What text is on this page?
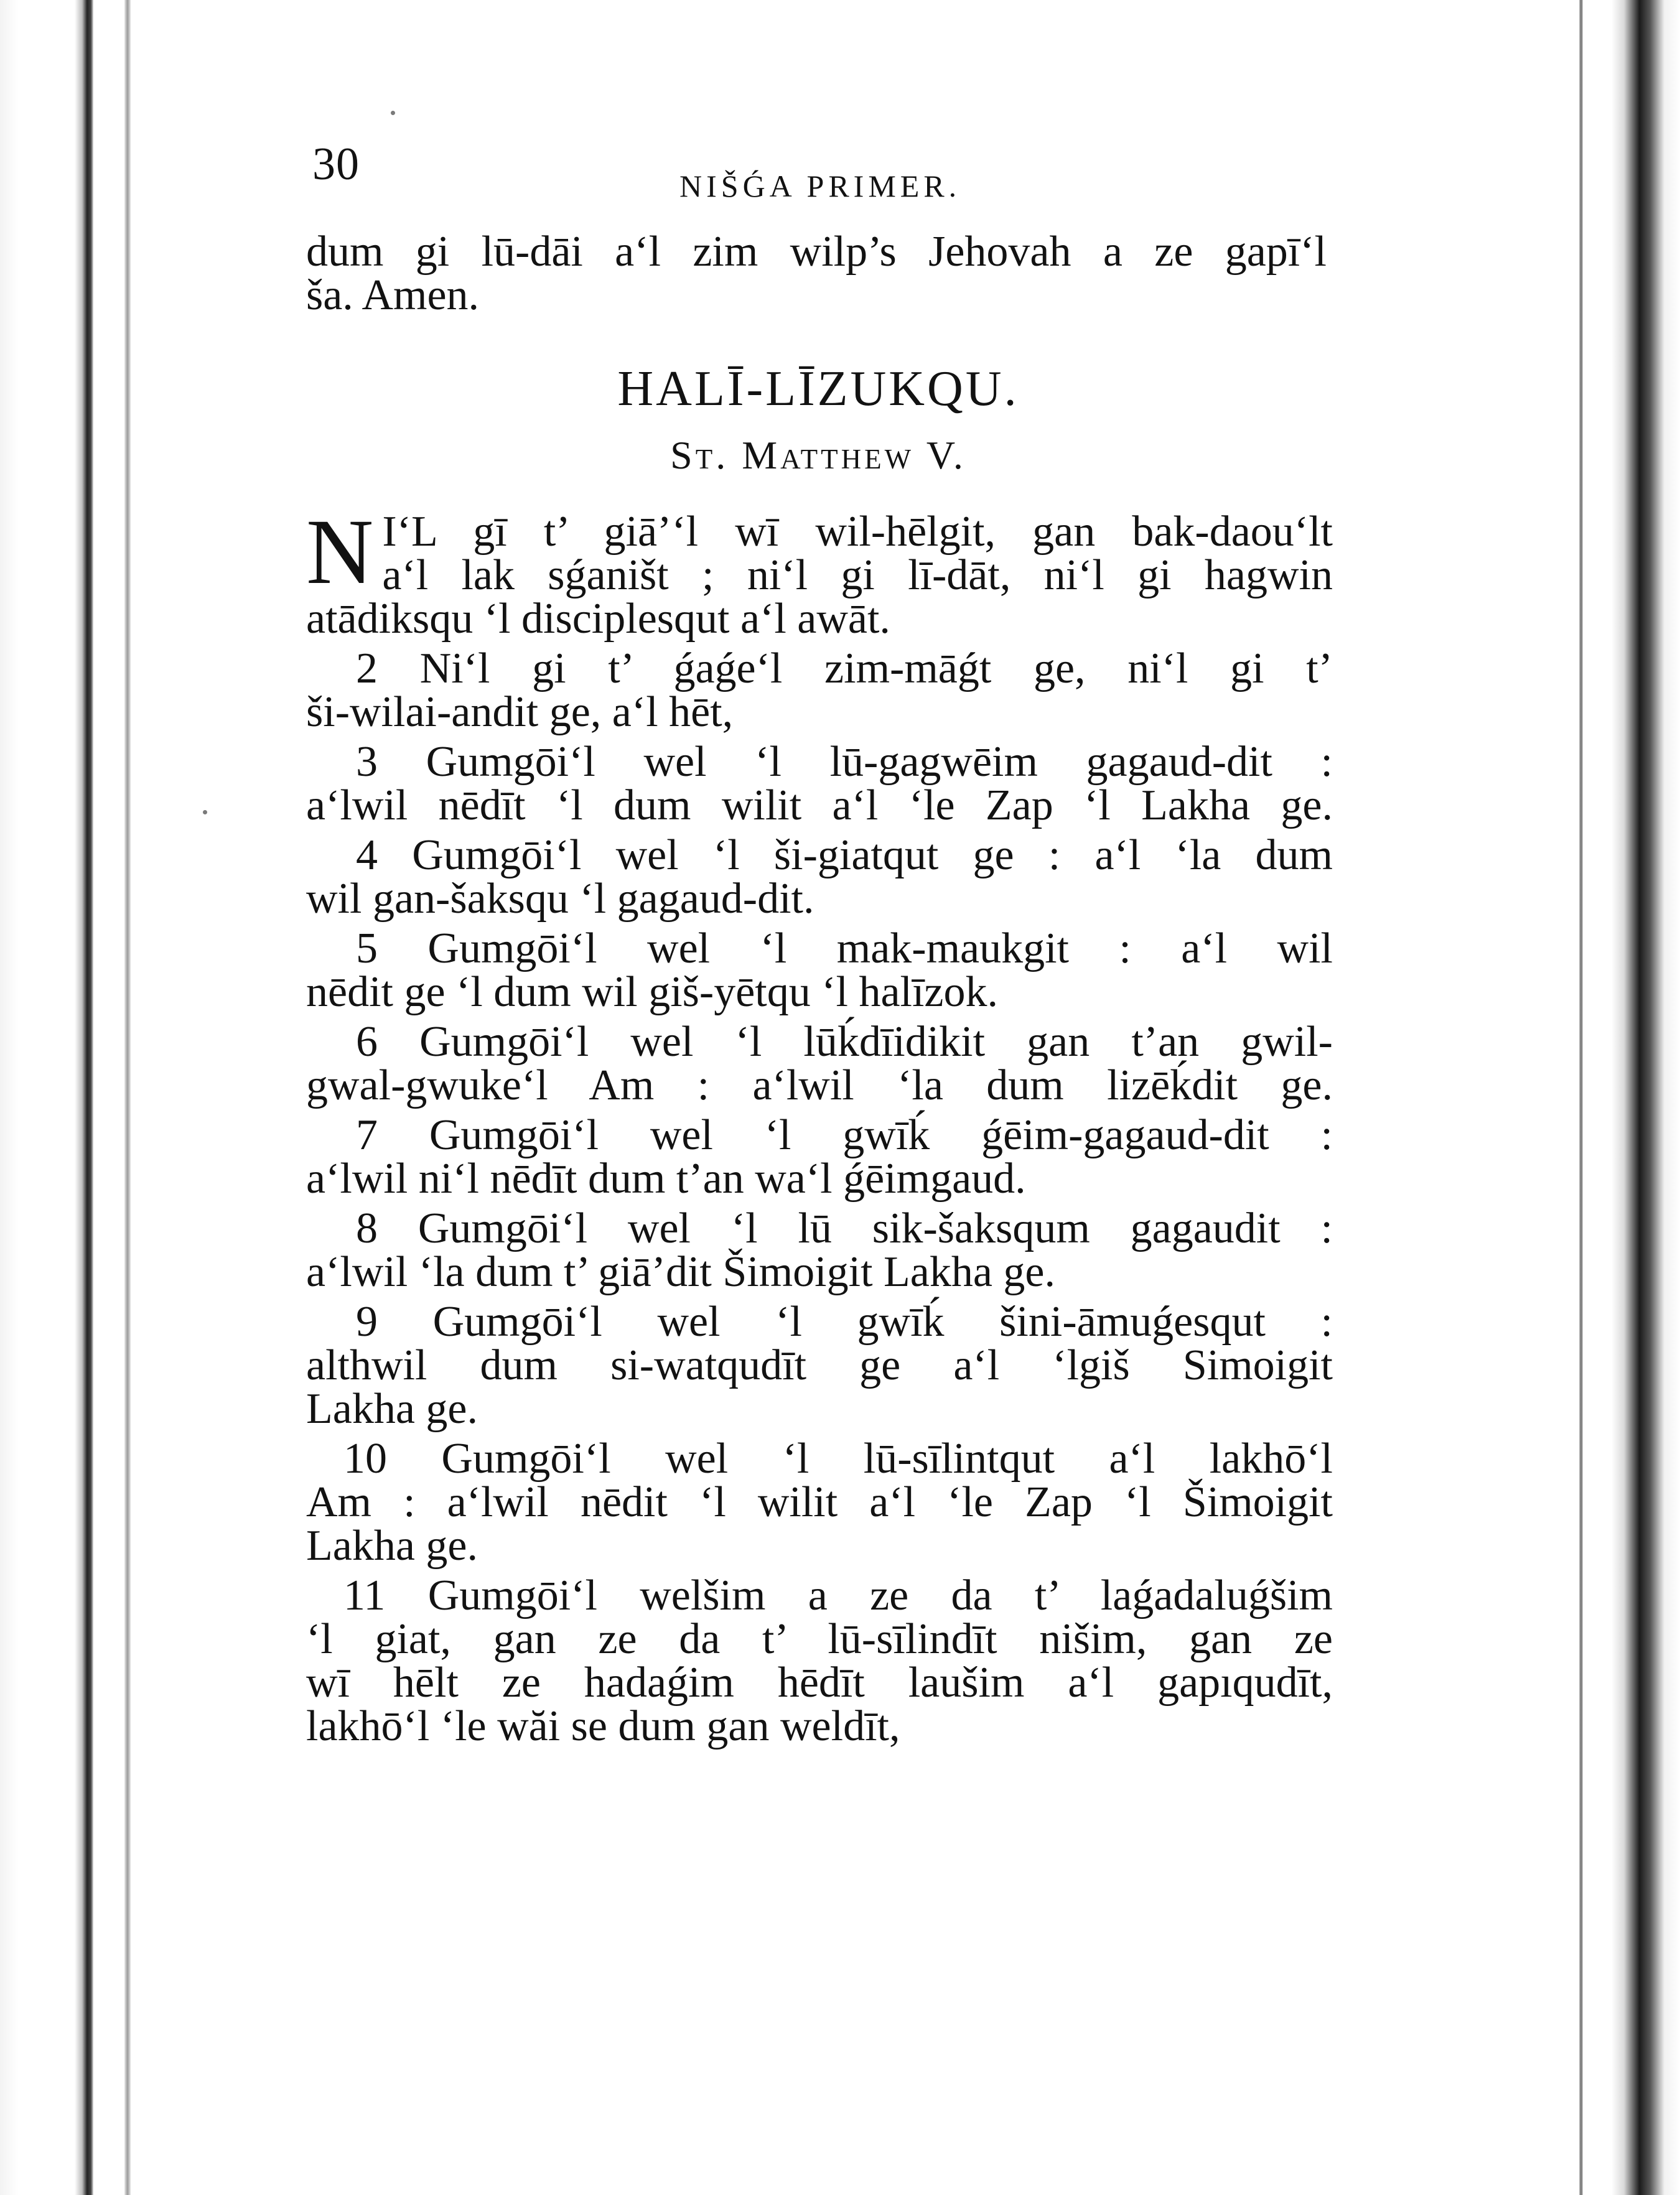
30	NIŠǴA PRIMER.
dum gi lū-dāi a‘l zim wilp’s Jehovah a ze gapī‘l
ša. Amen.
HALĪ-LĪZUKQU.
St. Matthew V.
N I‘L gī t’ giā’‘l wī wil-hēlgit, gan bak-daou‘lt
a‘l lak sǵaništ ; ni‘l gi lī-dāt, ni‘l gi hagwin
atādiksqu ‘l disciplesqut a‘l awāt.
2 Ni‘l gi t’ ǵaǵe‘l zim-māǵt ge, ni‘l gi t’
ši-wilai-andit ge, a‘l hēt,
3 Gumgōi‘l wel ‘l lū-gagwēim gagaud-dit :
a‘lwil nēdīt ‘l dum wilit a‘l ‘le Zap ‘l Lakha ge.
4 Gumgōi‘l wel ‘l ši-giatqut ge : a‘l ‘la dum
wil gan-šaksqu ‘l gagaud-dit.
5 Gumgōi‘l wel ‘l mak-maukgit : a‘l wil
nēdit ge ‘l dum wil giš-yētqu ‘l halīzok.
6 Gumgōi‘l wel ‘l lūḱdīidikit gan t’an gwil-
gwal-gwuke‘l Am : a‘lwil ‘la dum lizēḱdit ge.
7 Gumgōi‘l wel ‘l gwīḱ ǵēim-gagaud-dit :
a‘lwil ni‘l nēdīt dum t’an wa‘l ǵēimgaud.
8 Gumgōi‘l wel ‘l lū sik-šaksqum gagaudit :
a‘lwil ‘la dum t’ giā’dit Šimoigit Lakha ge.
9 Gumgōi‘l wel ‘l gwīḱ šini-āmuǵesqut :
althwil dum si-watqudīt ge a‘l ‘lgiš Simoigit
Lakha ge.
10 Gumgōi‘l wel ‘l lū-sīlintqut a‘l lakhō‘l
Am : a‘lwil nēdit ‘l wilit a‘l ‘le Zap ‘l Šimoigit
Lakha ge.
11 Gumgōi‘l welšim a ze da t’ laǵadaluǵšim
‘l giat, gan ze da t’ lū-sīlindīt nišim, gan ze
wī hēlt ze hadaǵim hēdīt laušim a‘l gapıqudīt,
lakhō‘l ‘le wăi se dum gan weldīt,
